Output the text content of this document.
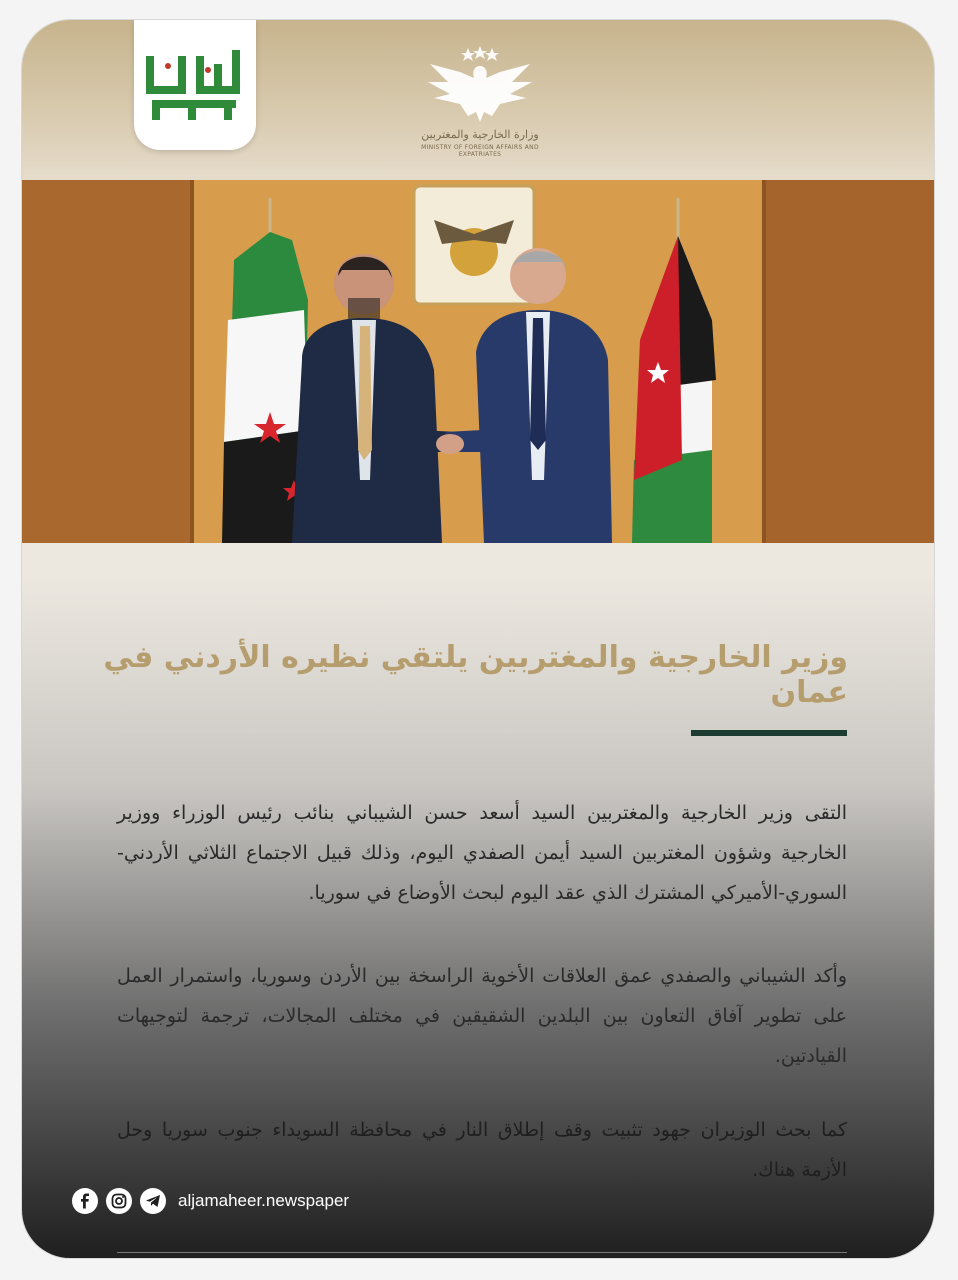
وزارة الخارجية والمغتربين
MINISTRY OF FOREIGN AFFAIRS AND EXPATRIATES
وزير الخارجية والمغتربين يلتقي نظيره الأردني في عمان
التقى وزير الخارجية والمغتربين السيد أسعد حسن الشيباني بنائب رئيس الوزراء ووزير الخارجية وشؤون المغتربين السيد أيمن الصفدي اليوم، وذلك قبيل الاجتماع الثلاثي الأردني-السوري-الأميركي المشترك الذي عقد اليوم لبحث الأوضاع في سوريا.
وأكد الشيباني والصفدي عمق العلاقات الأخوية الراسخة بين الأردن وسوريا، واستمرار العمل على تطوير آفاق التعاون بين البلدين الشقيقين في مختلف المجالات، ترجمة لتوجيهات القيادتين.
كما بحث الوزيران جهود تثبيت وقف إطلاق النار في محافظة السويداء جنوب سوريا وحل الأزمة هناك.
aljamaheer.newspaper
